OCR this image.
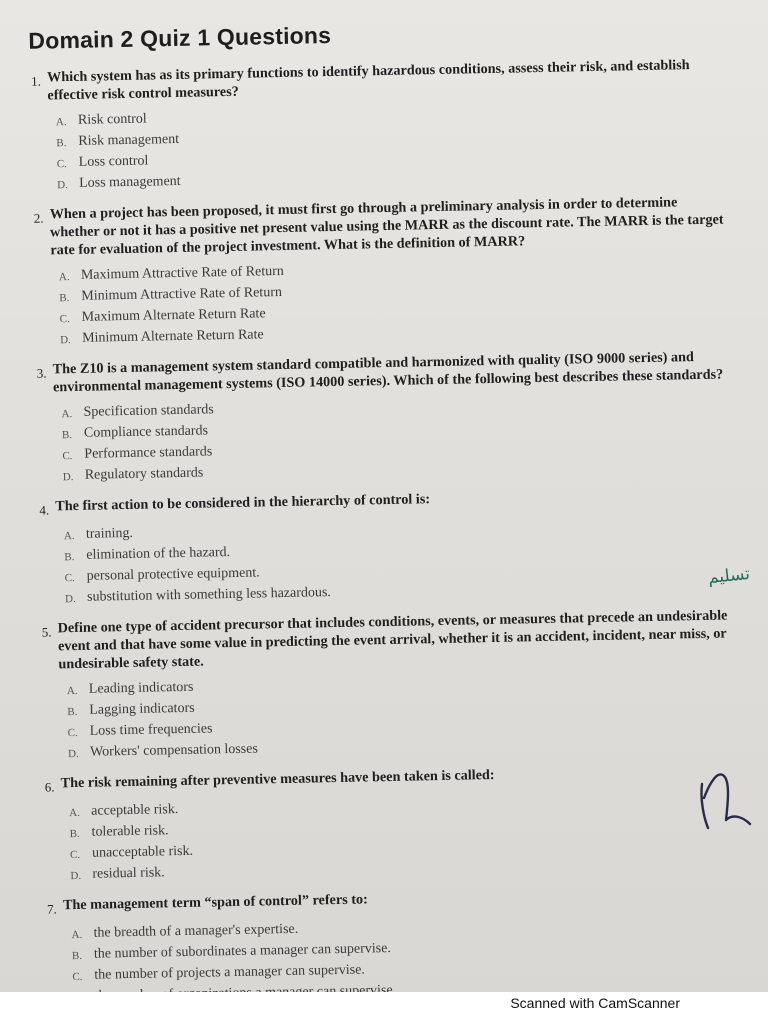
Domain 2 Quiz 1 Questions
1. Which system has as its primary functions to identify hazardous conditions, assess their risk, and establish effective risk control measures?
A. Risk control
B. Risk management
C. Loss control
D. Loss management
2. When a project has been proposed, it must first go through a preliminary analysis in order to determine whether or not it has a positive net present value using the MARR as the discount rate. The MARR is the target rate for evaluation of the project investment. What is the definition of MARR?
A. Maximum Attractive Rate of Return
B. Minimum Attractive Rate of Return
C. Maximum Alternate Return Rate
D. Minimum Alternate Return Rate
3. The Z10 is a management system standard compatible and harmonized with quality (ISO 9000 series) and environmental management systems (ISO 14000 series). Which of the following best describes these standards?
A. Specification standards
B. Compliance standards
C. Performance standards
D. Regulatory standards
4. The first action to be considered in the hierarchy of control is:
A. training.
B. elimination of the hazard.
C. personal protective equipment.
D. substitution with something less hazardous.
5. Define one type of accident precursor that includes conditions, events, or measures that precede an undesirable event and that have some value in predicting the event arrival, whether it is an accident, incident, near miss, or undesirable safety state.
A. Leading indicators
B. Lagging indicators
C. Loss time frequencies
D. Workers' compensation losses
6. The risk remaining after preventive measures have been taken is called:
A. acceptable risk.
B. tolerable risk.
C. unacceptable risk.
D. residual risk.
7. The management term “span of control” refers to:
A. the breadth of a manager's expertise.
B. the number of subordinates a manager can supervise.
C. the number of projects a manager can supervise.
تسليم
Scanned with CamScanner
